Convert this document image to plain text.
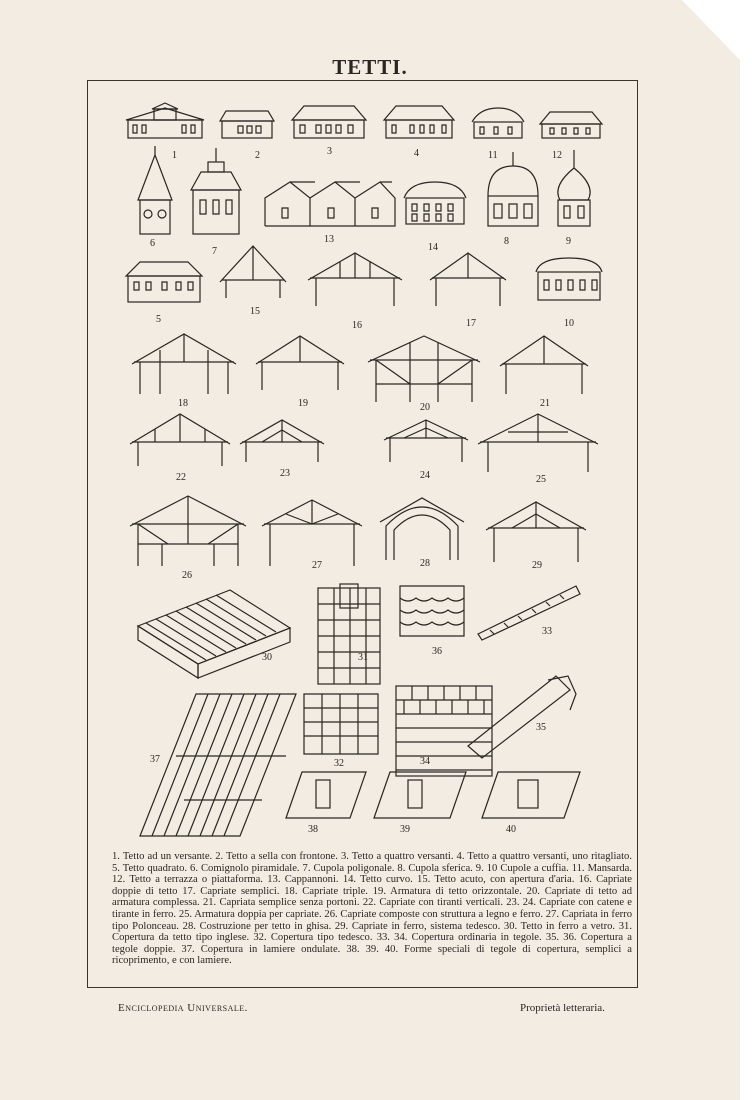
TETTI.
1	2	3	4	11	12
6
7
13
14
8	9
5
15
16	17	10
18	19	20	21
22	23	24	25
26
27	28	29
30	31
36
33
37	32	34
35
38	39	40
1. Tetto ad un versante. 2. Tetto a sella con frontone. 3. Tetto a quattro versanti. 4. Tetto a quattro versanti, uno ritagliato. 5. Tetto quadrato. 6. Comignolo piramidale. 7. Cupola poligonale. 8. Cupola sferica. 9. 10 Cupole a cuffia. 11. Mansarda. 12. Tetto a terrazza o piattaforma. 13. Cappannoni. 14. Tetto curvo. 15. Tetto acuto, con apertura d'aria. 16. Capriate doppie di tetto 17. Capriate semplici. 18. Capriate triple. 19. Armatura di tetto orizzontale. 20. Capriate di tetto ad armatura complessa. 21. Capriata semplice senza portoni. 22. Capriate con tiranti verticali. 23. 24. Capriate con catene e tirante in ferro. 25. Armatura doppia per capriate. 26. Capriate composte con struttura a legno e ferro. 27. Capriata in ferro tipo Polonceau. 28. Costruzione per tetto in ghisa. 29. Capriate in ferro, sistema tedesco. 30. Tetto in ferro a vetro. 31. Copertura da tetto tipo inglese. 32. Copertura tipo tedesco. 33. 34. Copertura ordinaria in tegole. 35. 36. Copertura a tegole doppie. 37. Copertura in lamiere ondulate. 38. 39. 40. Forme speciali di tegole di copertura, semplici a ricoprimento, e con lamiere.
Enciclopedia Universale.	Proprietà letteraria.
